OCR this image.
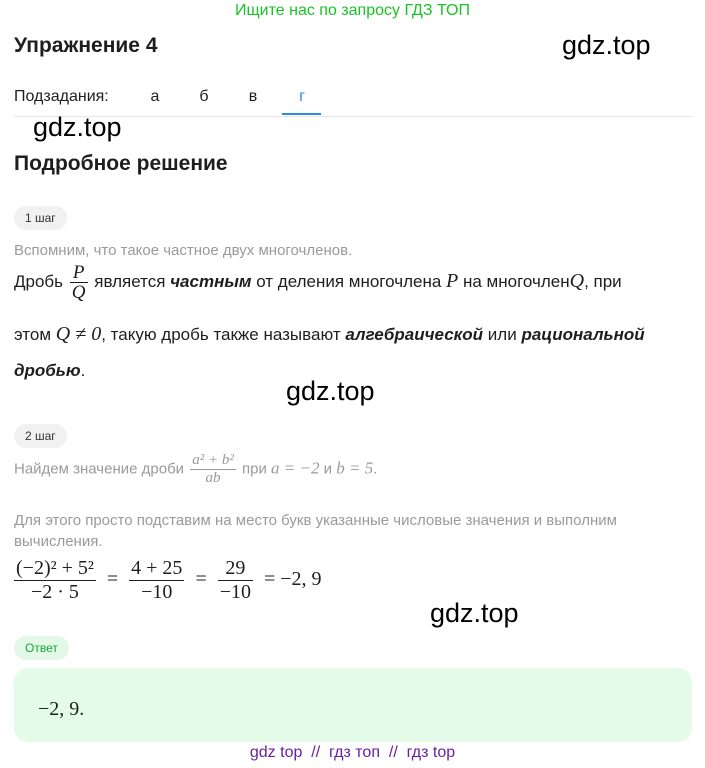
Ищите нас по запросу ГДЗ ТОП
Упражнение 4	gdz.top
Подзадания:	а	б	в	г
gdz.top
Подробное решение
1 шаг
Вспомним, что такое частное двух многочленов.
Дробь $\frac{P}{Q}$ является частным от деления многочлена P на многочленQ, при
этом Q ≠ 0, такую дробь также называют алгебраической или рациональной
дробью.
gdz.top
2 шаг
Найдем значение дроби $\frac{\text{a² + b²}}{ab}$ при a = −2 и b = 5.
Для этого просто подставим на место букв указанные числовые значения и выполним вычисления.
$\frac{\text{(−2)² + 5²}}{-2 \cdot 5} = \frac{4 + 25}{-10} = \frac{29}{-10} = -2$, 9
gdz.top
Ответ
−2, 9.
gdz top  //  гдз топ  //  гдз top
